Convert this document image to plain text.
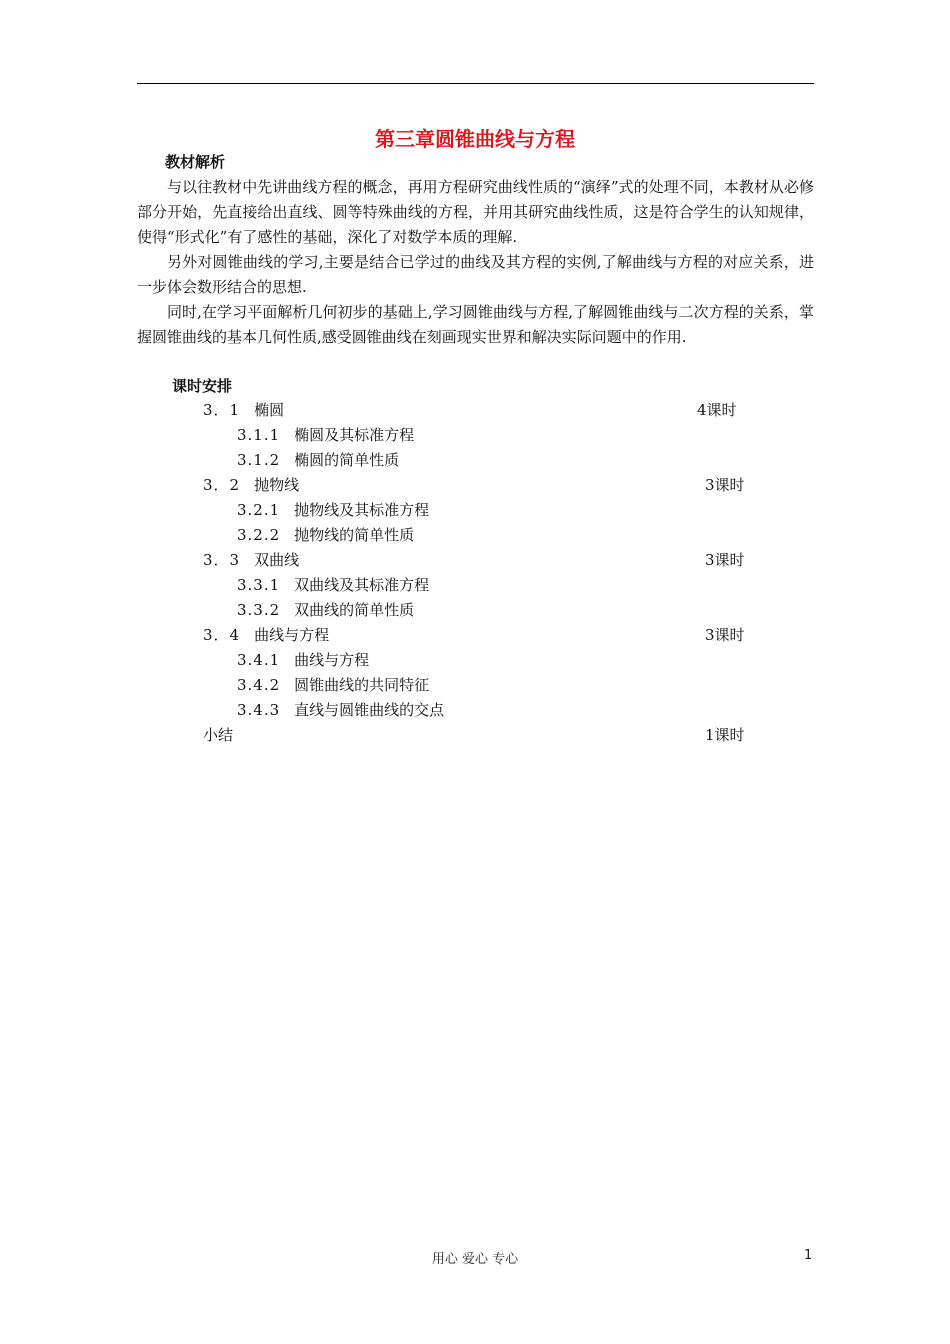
第三章圆锥曲线与方程
教材解析

与以往教材中先讲曲线方程的概念，再用方程研究曲线性质的“演绎”式的处理不同，本教材从必修部分开始，先直接给出直线、圆等特殊曲线的方程，并用其研究曲线性质，这是符合学生的认知规律，使得“形式化”有了感性的基础，深化了对数学本质的理解.

另外对圆锥曲线的学习,主要是结合已学过的曲线及其方程的实例,了解曲线与方程的对应关系，进一步体会数形结合的思想.

同时,在学习平面解析几何初步的基础上,学习圆锥曲线与方程,了解圆锥曲线与二次方程的关系，掌握圆锥曲线的基本几何性质,感受圆锥曲线在刻画现实世界和解决实际问题中的作用.

课时安排
3．1 椭圆	4课时
3.1.1 椭圆及其标准方程
3.1.2 椭圆的简单性质
3．2 抛物线	3课时
3.2.1 抛物线及其标准方程
3.2.2 抛物线的简单性质
3．3 双曲线	3课时
3.3.1 双曲线及其标准方程
3.3.2 双曲线的简单性质
3．4 曲线与方程	3课时
3.4.1 曲线与方程
3.4.2 圆锥曲线的共同特征
3.4.3 直线与圆锥曲线的交点
小结	1课时
用心 爱心 专心	1
